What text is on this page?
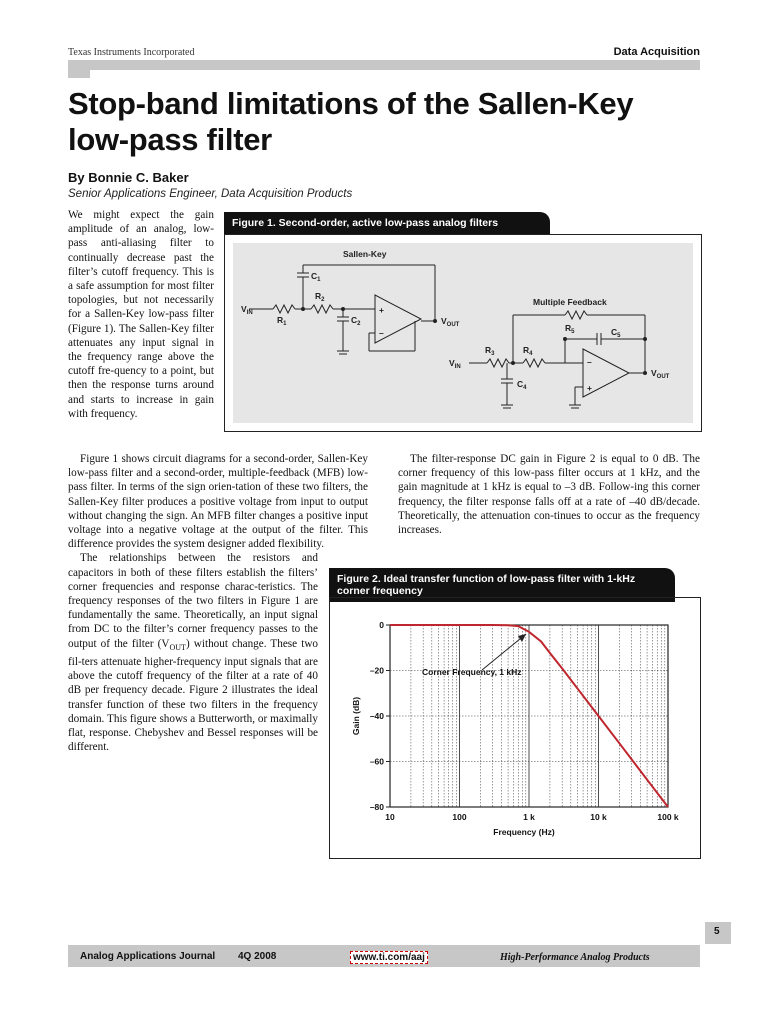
Texas Instruments Incorporated	Data Acquisition
Stop-band limitations of the Sallen-Key low-pass filter
By Bonnie C. Baker
Senior Applications Engineer, Data Acquisition Products

We might expect the gain amplitude of an analog, low-pass anti-aliasing filter to continually decrease past the filter’s cutoff frequency. This is a safe assumption for most filter topologies, but not necessarily for a Sallen-Key low-pass filter (Figure 1). The Sallen-Key filter attenuates any input signal in the frequency range above the cutoff fre-quency to a point, but then the response turns around and starts to increase in gain with frequency.

Figure 1 shows circuit diagrams for a second-order, Sallen-Key low-pass filter and a second-order, multiple-feedback (MFB) low-pass filter. In terms of the sign orien-tation of these two filters, the Sallen-Key filter produces a positive voltage from input to output without changing the sign. An MFB filter changes a positive input voltage into a negative voltage at the output of the filter. This difference provides the system designer added flexibility.

The relationships between the resistors and capacitors in both of these filters establish the filters’ corner frequencies and response charac-teristics. The frequency responses of the two filters in Figure 1 are fundamentally the same. Theoretically, an input signal from DC to the filter’s corner frequency passes to the output of the filter $(V_{OUT})$ without change. These two fil-ters attenuate higher-frequency input signals that are above the cutoff frequency of the filter at a rate of 40 dB per frequency decade. Figure 2 illustrates the ideal transfer function of these two filters in the frequency domain. This figure shows a Butterworth, or maximally flat, response. Chebyshev and Bessel responses will be different.

The filter-response DC gain in Figure 2 is equal to 0 dB. The corner frequency of this low-pass filter occurs at 1 kHz, and the gain magnitude at 1 kHz is equal to –3 dB. Follow-ing this corner frequency, the filter response falls off at a rate of –40 dB/decade. Theoretically, the attenuation con-tinues to occur as the frequency increases.

Figure 1. Second-order, active low-pass analog filters
Sallen-Key
Multiple Feedback
$V_{IN}$
$V_{OUT}$
$V_{IN}$
$V_{OUT}$
$R_1$
$R_2$
$C_1$
$C_2$
$R_3$	$R_4$
$R_5$	$C_5$
$C_4$
+
–
–
+
Figure 2. Ideal transfer function of low-pass filter with 1-kHz corner frequency
10	100	1 k	10 k	100 k
0
–20
–40
–60
–80
Corner Frequency, 1 kHz
Frequency (Hz)
Gain (dB)
5
Analog Applications Journal 4Q 2008	www.ti.com/aaj	High-Performance Analog Products
